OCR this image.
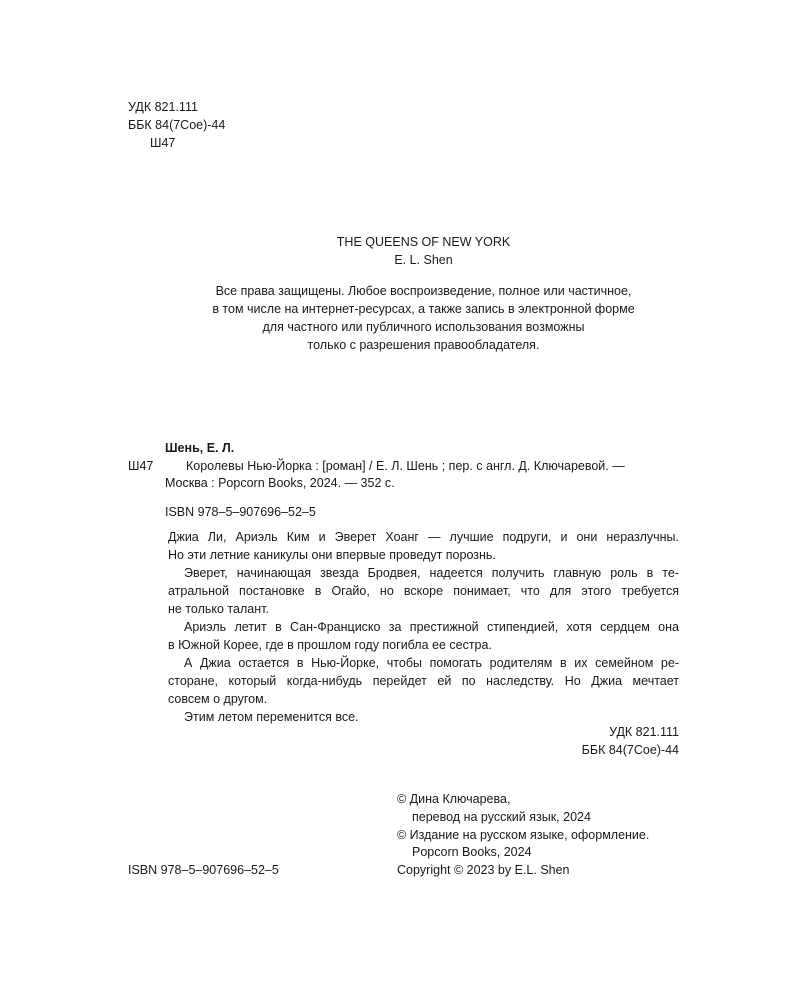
УДК 821.111
ББК 84(7Сое)-44
Ш47
THE QUEENS OF NEW YORK
E. L. Shen
Все права защищены. Любое воспроизведение, полное или частичное,
в том числе на интернет-ресурсах, а также запись в электронной форме
для частного или публичного использования возможны
только с разрешения правообладателя.
Шень, Е. Л.
Ш47	Королевы Нью-Йорка : [роман] / Е. Л. Шень ; пер. с англ. Д. Ключаревой. —
Москва : Popcorn Books, 2024. — 352 с.
ISBN 978–5–907696–52–5
Джиа Ли, Ариэль Ким и Эверет Хоанг — лучшие подруги, и они неразлучны.
Но эти летние каникулы они впервые проведут порознь.
Эверет, начинающая звезда Бродвея, надеется получить главную роль в те-
атральной постановке в Огайо, но вскоре понимает, что для этого требуется
не только талант.
Ариэль летит в Сан-Франциско за престижной стипендией, хотя сердцем она
в Южной Корее, где в прошлом году погибла ее сестра.
А Джиа остается в Нью-Йорке, чтобы помогать родителям в их семейном ре-
сторане, который когда-нибудь перейдет ей по наследству. Но Джиа мечтает
совсем о другом.
Этим летом переменится все.
УДК 821.111
ББК 84(7Сое)-44
© Дина Ключарева,
перевод на русский язык, 2024
© Издание на русском языке, оформление.
Popcorn Books, 2024
Copyright © 2023 by E.L. Shen
ISBN 978–5–907696–52–5
